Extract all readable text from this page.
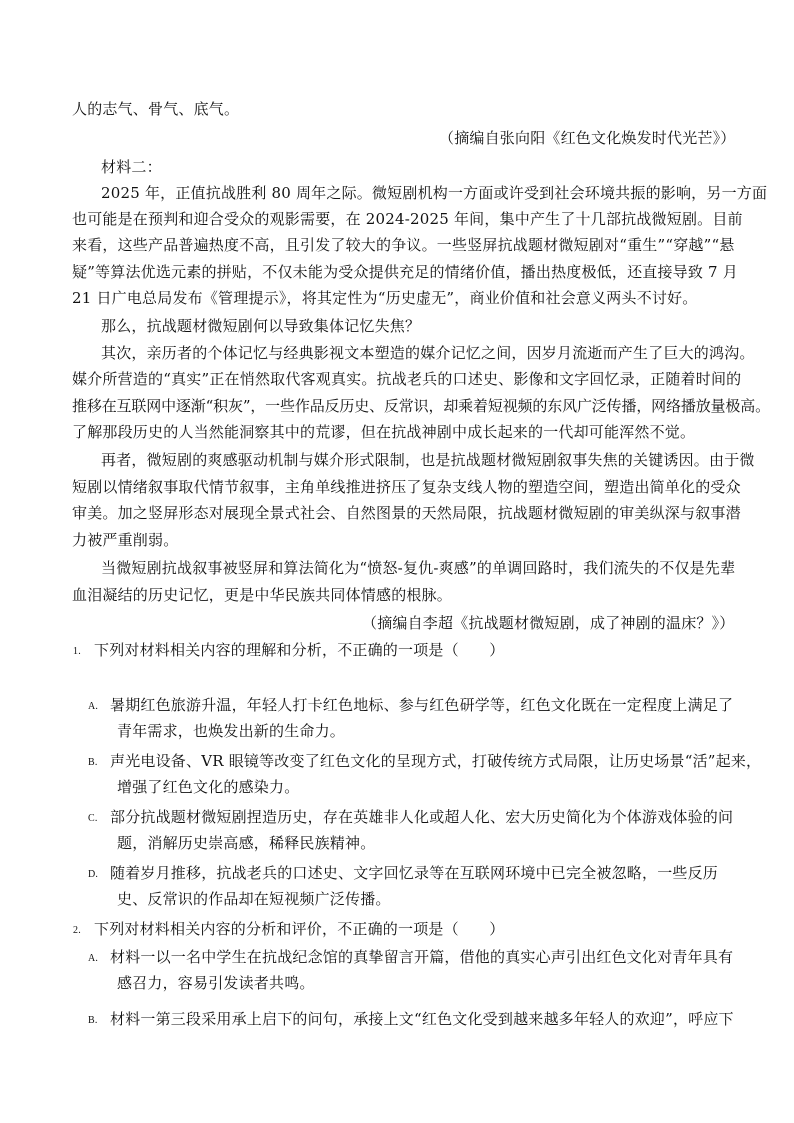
人的志气、骨气、底气。
（摘编自张向阳《红色文化焕发时代光芒》）
材料二：
2025 年，正值抗战胜利 80 周年之际。微短剧机构一方面或许受到社会环境共振的影响，另一方面
也可能是在预判和迎合受众的观影需要，在 2024-2025 年间，集中产生了十几部抗战微短剧。目前
来看，这些产品普遍热度不高，且引发了较大的争议。一些竖屏抗战题材微短剧对“重生”“穿越”“悬
疑”等算法优选元素的拼贴，不仅未能为受众提供充足的情绪价值，播出热度极低，还直接导致 7 月
21 日广电总局发布《管理提示》，将其定性为“历史虚无”，商业价值和社会意义两头不讨好。
那么，抗战题材微短剧何以导致集体记忆失焦？
其次，亲历者的个体记忆与经典影视文本塑造的媒介记忆之间，因岁月流逝而产生了巨大的鸿沟。
媒介所营造的“真实”正在悄然取代客观真实。抗战老兵的口述史、影像和文字回忆录，正随着时间的
推移在互联网中逐渐“积灰”，一些作品反历史、反常识，却乘着短视频的东风广泛传播，网络播放量极高。
了解那段历史的人当然能洞察其中的荒谬，但在抗战神剧中成长起来的一代却可能浑然不觉。
再者，微短剧的爽感驱动机制与媒介形式限制，也是抗战题材微短剧叙事失焦的关键诱因。由于微
短剧以情绪叙事取代情节叙事，主角单线推进挤压了复杂支线人物的塑造空间，塑造出简单化的受众
审美。加之竖屏形态对展现全景式社会、自然图景的天然局限，抗战题材微短剧的审美纵深与叙事潜
力被严重削弱。
当微短剧抗战叙事被竖屏和算法简化为“愤怒-复仇-爽感”的单调回路时，我们流失的不仅是先辈
血泪凝结的历史记忆，更是中华民族共同体情感的根脉。
（摘编自李超《抗战题材微短剧，成了神剧的温床？》）
1. 下列对材料相关内容的理解和分析，不正确的一项是（　　）
A. 暑期红色旅游升温，年轻人打卡红色地标、参与红色研学等，红色文化既在一定程度上满足了
青年需求，也焕发出新的生命力。
B. 声光电设备、VR 眼镜等改变了红色文化的呈现方式，打破传统方式局限，让历史场景“活”起来，
增强了红色文化的感染力。
C. 部分抗战题材微短剧捏造历史，存在英雄非人化或超人化、宏大历史简化为个体游戏体验的问
题，消解历史崇高感，稀释民族精神。
D. 随着岁月推移，抗战老兵的口述史、文字回忆录等在互联网环境中已完全被忽略，一些反历
史、反常识的作品却在短视频广泛传播。
2. 下列对材料相关内容的分析和评价，不正确的一项是（　　）
A. 材料一以一名中学生在抗战纪念馆的真挚留言开篇，借他的真实心声引出红色文化对青年具有
感召力，容易引发读者共鸣。
B. 材料一第三段采用承上启下的问句，承接上文“红色文化受到越来越多年轻人的欢迎”，呼应下
